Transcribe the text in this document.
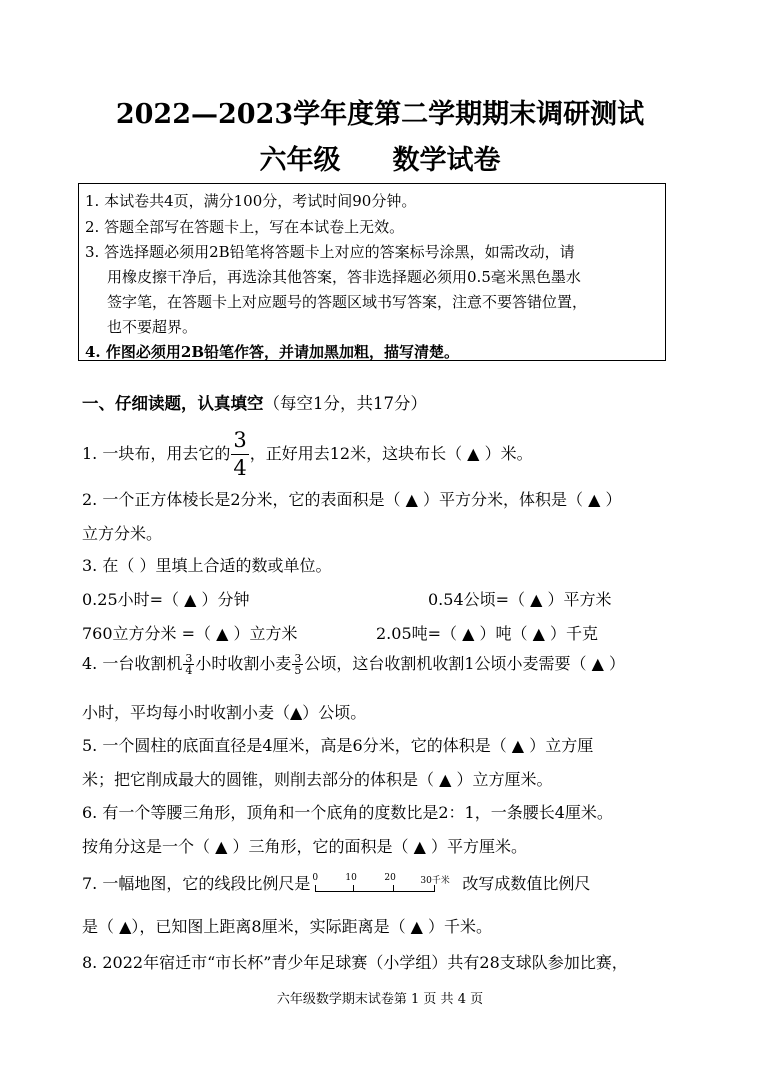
2022—2023学年度第二学期期末调研测试
六年级 数学试卷
1. 本试卷共4页，满分100分，考试时间90分钟。
2. 答题全部写在答题卡上，写在本试卷上无效。
3. 答选择题必须用2B铅笔将答题卡上对应的答案标号涂黑，如需改动，请
用橡皮擦干净后，再选涂其他答案，答非选择题必须用0.5毫米黑色墨水
签字笔，在答题卡上对应题号的答题区域书写答案，注意不要答错位置，
也不要超界。
4. 作图必须用2B铅笔作答，并请加黑加粗，描写清楚。
一、仔细读题，认真填空（每空1分，共17分）
1. 一块布，用去它的 $\frac{3}{4}$ ，正好用去12米，这块布长（ ▲ ）米。
2. 一个正方体棱长是2分米，它的表面积是（ ▲ ）平方分米，体积是（ ▲ ）
立方分米。
3. 在（ ）里填上合适的数或单位。
0.25小时=（ ▲ ）分钟	0.54公顷=（ ▲ ）平方米
760立方分米 =（ ▲ ）立方米	2.05吨=（ ▲ ）吨（ ▲ ）千克
4. 一台收割机 $\frac{3}{4}$ 小时收割小麦 $\frac{3}{5}$ 公顷，这台收割机收割1公顷小麦需要（ ▲ ）
小时，平均每小时收割小麦（▲）公顷。
5. 一个圆柱的底面直径是4厘米，高是6分米，它的体积是（ ▲ ）立方厘
米；把它削成最大的圆锥，则削去部分的体积是（ ▲ ）立方厘米。
6. 有一个等腰三角形，顶角和一个底角的度数比是2：1，一条腰长4厘米。
按角分这是一个（ ▲ ）三角形，它的面积是（ ▲ ）平方厘米。
7. 一幅地图，它的线段比例尺是 0	10	20	30千米 改写成数值比例尺
是（ ▲），已知图上距离8厘米，实际距离是（ ▲ ）千米。
8. 2022年宿迁市“市长杯”青少年足球赛（小学组）共有28支球队参加比赛，
六年级数学期末试卷第 1 页 共 4 页
